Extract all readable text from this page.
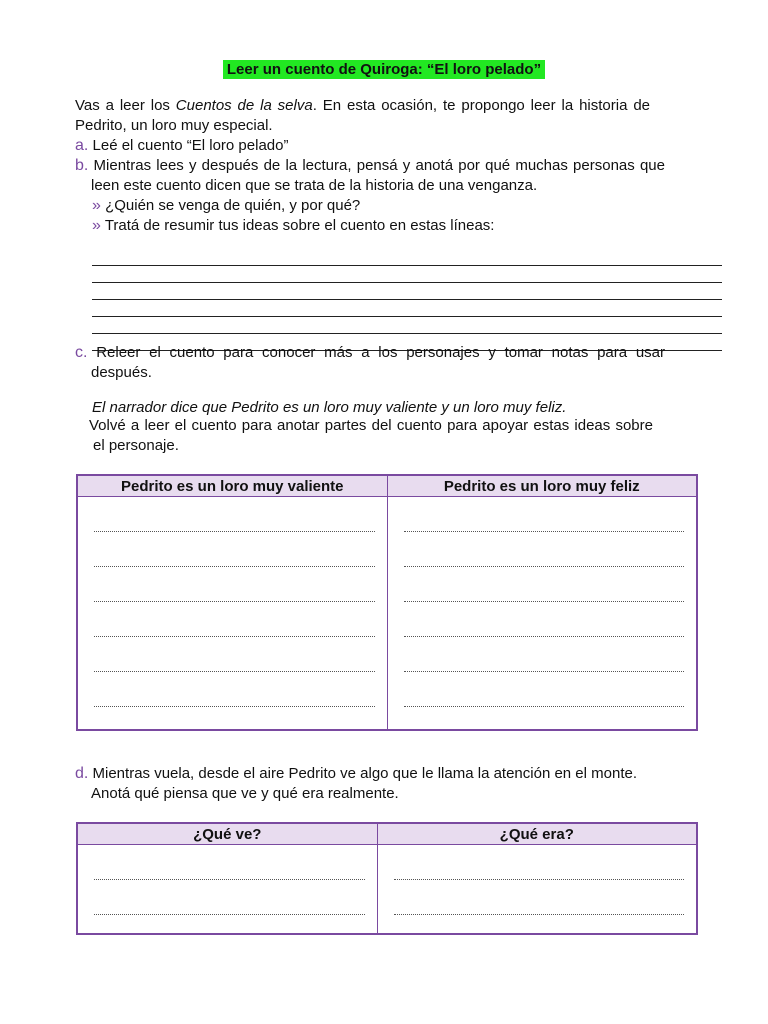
Leer un cuento de Quiroga: “El loro pelado”
Vas a leer los Cuentos de la selva. En esta ocasión, te propongo leer la historia de Pedrito, un loro muy especial.
a. Leé el cuento “El loro pelado”
b. Mientras lees y después de la lectura, pensá y anotá por qué muchas personas que leen este cuento dicen que se trata de la historia de una venganza.
» ¿Quién se venga de quién, y por qué?
» Tratá de resumir tus ideas sobre el cuento en estas líneas:
c. Releer el cuento para conocer más a los personajes y tomar notas para usar después.
El narrador dice que Pedrito es un loro muy valiente y un loro muy feliz.
Volvé a leer el cuento para anotar partes del cuento para apoyar estas ideas sobre el personaje.
Pedrito es un loro muy valiente	Pedrito es un loro muy feliz

d. Mientras vuela, desde el aire Pedrito ve algo que le llama la atención en el monte. Anotá qué piensa que ve y qué era realmente.
¿Qué ve?	¿Qué era?
